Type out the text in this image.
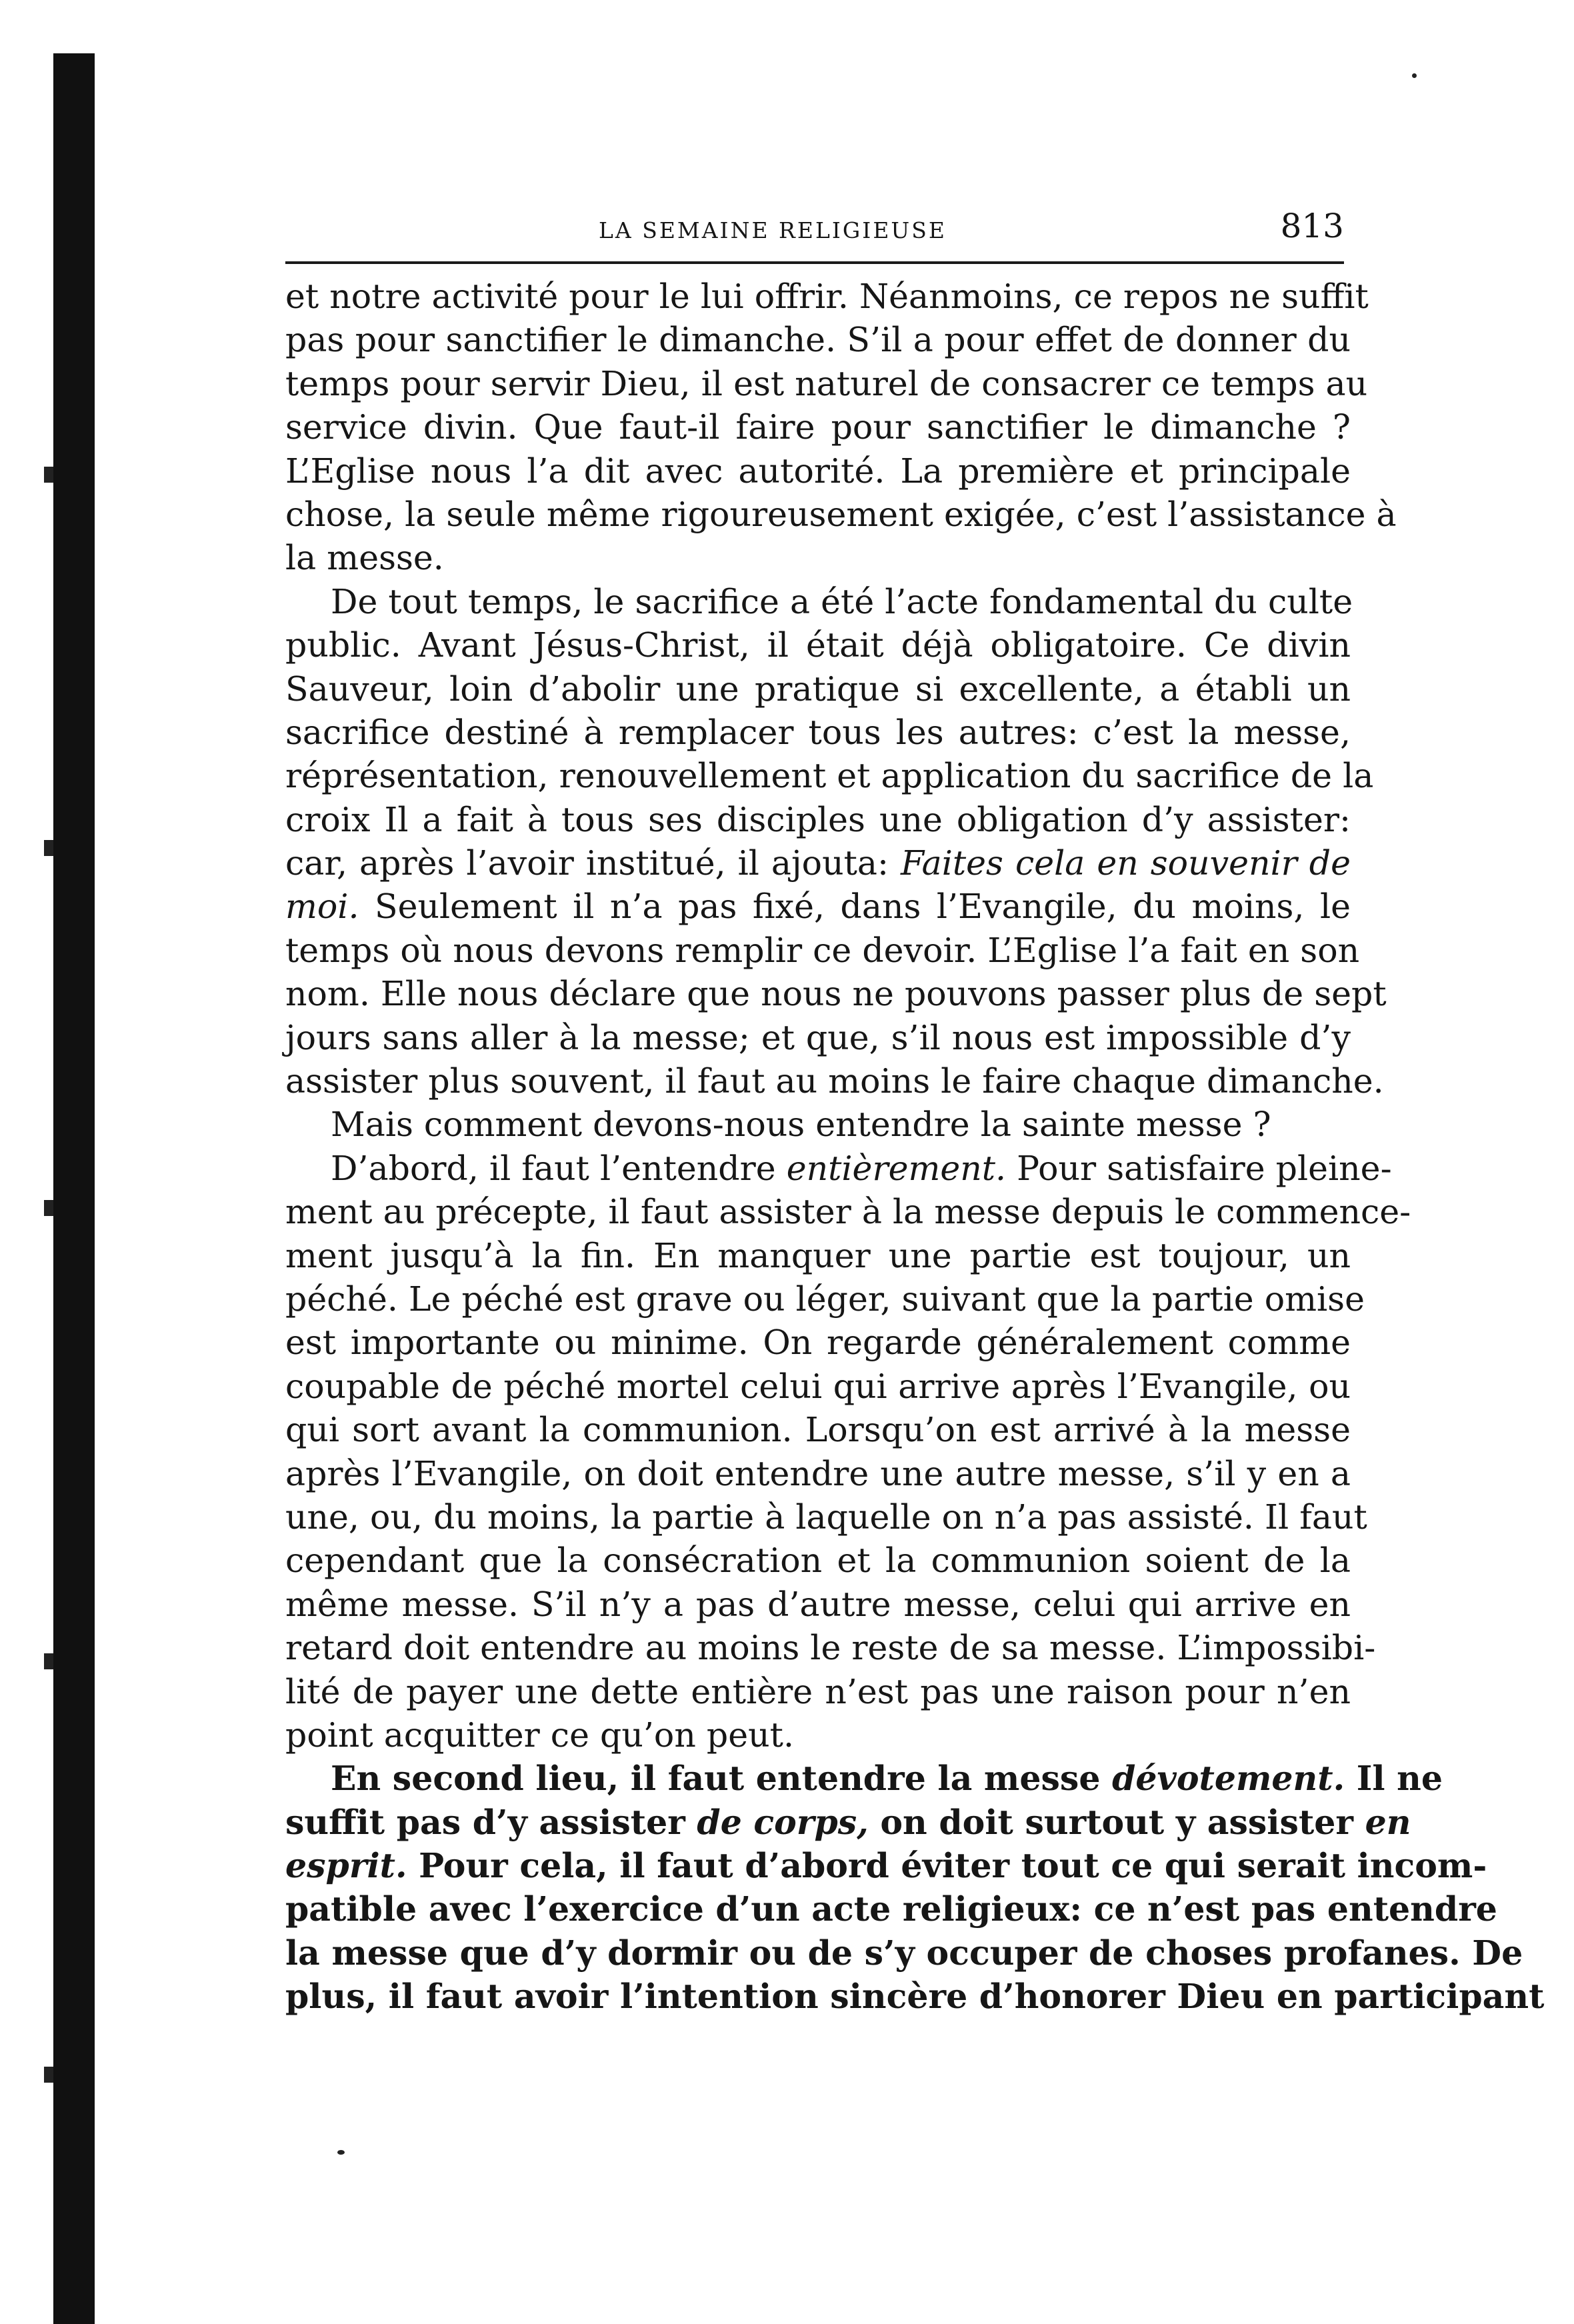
LA SEMAINE RELIGIEUSE	813
et notre activité pour le lui offrir. Néanmoins, ce repos ne suffit
pas pour sanctifier le dimanche. S’il a pour effet de donner du
temps pour servir Dieu, il est naturel de consacrer ce temps au
service divin. Que faut-il faire pour sanctifier le dimanche ?
L’Eglise nous l’a dit avec autorité. La première et principale
chose, la seule même rigoureusement exigée, c’est l’assistance à
la messe.
De tout temps, le sacrifice a été l’acte fondamental du culte
public. Avant Jésus-Christ, il était déjà obligatoire. Ce divin
Sauveur, loin d’abolir une pratique si excellente, a établi un
sacrifice destiné à remplacer tous les autres: c’est la messe,
réprésentation, renouvellement et application du sacrifice de la
croix Il a fait à tous ses disciples une obligation d’y assister:
car, après l’avoir institué, il ajouta: Faites cela en souvenir de
moi. Seulement il n’a pas fixé, dans l’Evangile, du moins, le
temps où nous devons remplir ce devoir. L’Eglise l’a fait en son
nom. Elle nous déclare que nous ne pouvons passer plus de sept
jours sans aller à la messe; et que, s’il nous est impossible d’y
assister plus souvent, il faut au moins le faire chaque dimanche.
Mais comment devons-nous entendre la sainte messe ?
D’abord, il faut l’entendre entièrement. Pour satisfaire pleine-
ment au précepte, il faut assister à la messe depuis le commence-
ment jusqu’à la fin. En manquer une partie est toujour, un
péché. Le péché est grave ou léger, suivant que la partie omise
est importante ou minime. On regarde généralement comme
coupable de péché mortel celui qui arrive après l’Evangile, ou
qui sort avant la communion. Lorsqu’on est arrivé à la messe
après l’Evangile, on doit entendre une autre messe, s’il y en a
une, ou, du moins, la partie à laquelle on n’a pas assisté. Il faut
cependant que la consécration et la communion soient de la
même messe. S’il n’y a pas d’autre messe, celui qui arrive en
retard doit entendre au moins le reste de sa messe. L’impossibi-
lité de payer une dette entière n’est pas une raison pour n’en
point acquitter ce qu’on peut.
En second lieu, il faut entendre la messe dévotement. Il ne
suffit pas d’y assister de corps, on doit surtout y assister en
esprit. Pour cela, il faut d’abord éviter tout ce qui serait incom-
patible avec l’exercice d’un acte religieux: ce n’est pas entendre
la messe que d’y dormir ou de s’y occuper de choses profanes. De
plus, il faut avoir l’intention sincère d’honorer Dieu en participant
